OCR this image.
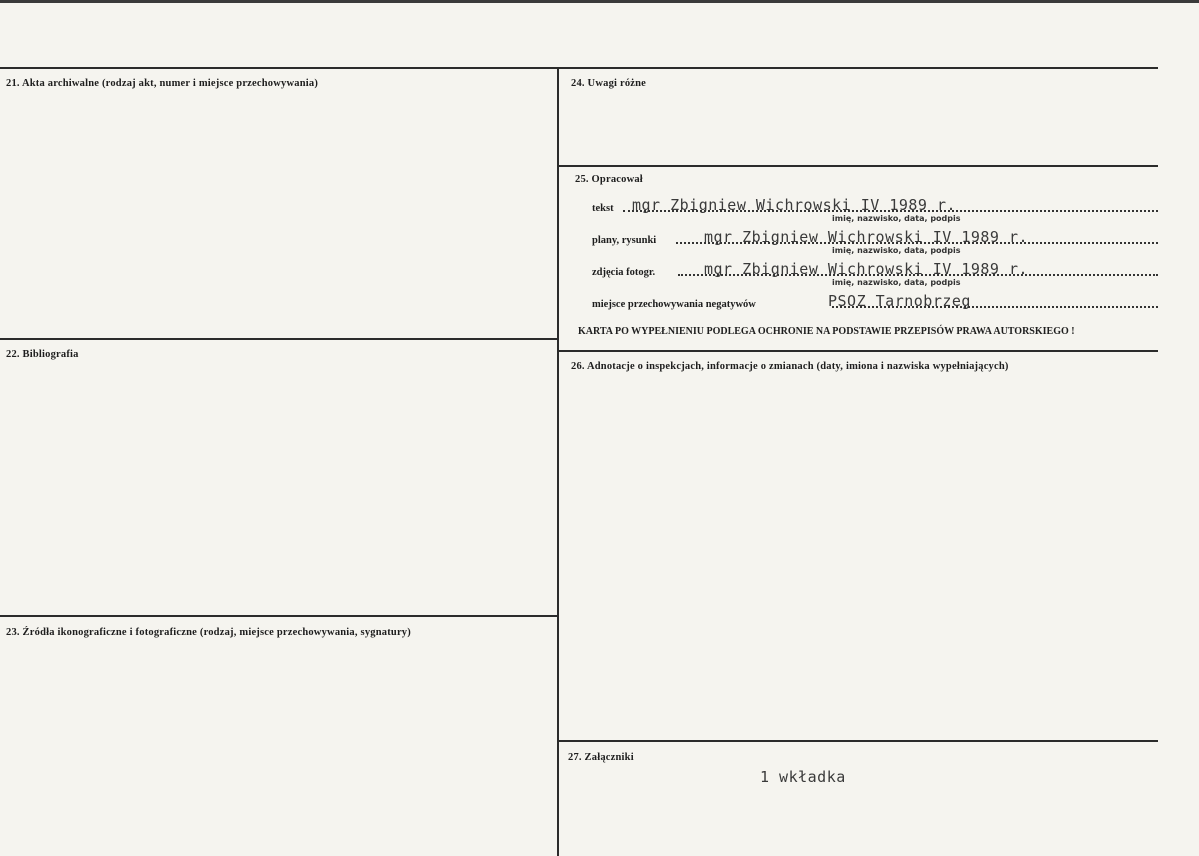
21. Akta archiwalne (rodzaj akt, numer i miejsce przechowywania)
22. Bibliografia
23. Źródła ikonograficzne i fotograficzne (rodzaj, miejsce przechowywania, sygnatury)
24. Uwagi różne
25. Opracował
tekst mgr Zbigniew Wichrowski IV 1989 r.
imię, nazwisko, data, podpis
plany, rysunki	mgr Zbigniew Wichrowski IV 1989 r.
imię, nazwisko, data, podpis
zdjęcia fotogr.	mgr Zbigniew Wichrowski IV 1989 r.
imię, nazwisko, data, podpis
miejsce przechowywania negatywów	PSOZ Tarnobrzeg
KARTA PO WYPEŁNIENIU PODLEGA OCHRONIE NA PODSTAWIE PRZEPISÓW PRAWA AUTORSKIEGO !
26. Adnotacje o inspekcjach, informacje o zmianach (daty, imiona i nazwiska wypełniających)
27. Załączniki
1 wkładka
